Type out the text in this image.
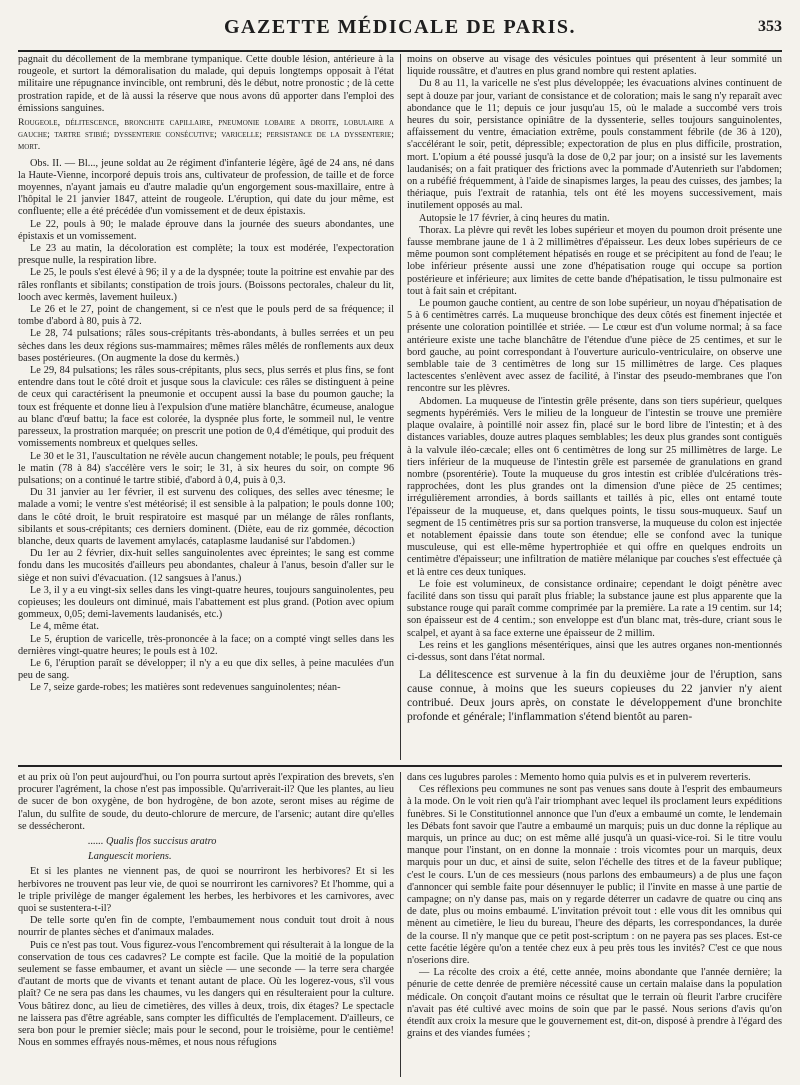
GAZETTE MÉDICALE DE PARIS.	353

pagnait du décollement de la membrane tympanique. Cette double lésion, antérieure à la rougeole, et surtort la démoralisation du malade, qui depuis longtemps opposait à l'état militaire une répugnance invincible, ont rembruni, dès le début, notre pronostic ; de là cette prostration rapide, et de là aussi la réserve que nous avons dû apporter dans l'emploi des émissions sanguines.

Rougeole, délitescence, bronchite capillaire, pneumonie lobaire a droite, lobulaire a gauche; tartre stibié; dyssenterie consécutive; varicelle; persistance de la dyssenterie; mort.

Obs. II. — Bl..., jeune soldat au 2e régiment d'infanterie légère, âgé de 24 ans, né dans la Haute-Vienne, incorporé depuis trois ans, cultivateur de profession, de taille et de force moyennes, n'ayant jamais eu d'autre maladie qu'un engorgement sous-maxillaire, entre à l'hôpital le 21 janvier 1847, atteint de rougeole. L'éruption, qui date du jour même, est confluente; elle a été précédée d'un vomissement et de deux épistaxis.

Le 22, pouls à 90; le malade éprouve dans la journée des sueurs abondantes, une épistaxis et un vomissement.

Le 23 au matin, la décoloration est complète; la toux est modérée, l'expectoration presque nulle, la respiration libre.

Le 25, le pouls s'est élevé à 96; il y a de la dyspnée; toute la poitrine est envahie par des râles ronflants et sibilants; constipation de trois jours. (Boissons pectorales, chaleur du lit, looch avec kermès, lavement huileux.)

Le 26 et le 27, point de changement, si ce n'est que le pouls perd de sa fréquence; il tombe d'abord à 80, puis à 72.

Le 28, 74 pulsations; râles sous-crépitants très-abondants, à bulles serrées et un peu sèches dans les deux régions sus-mammaires; mêmes râles mêlés de ronflements aux deux bases postérieures. (On augmente la dose du kermès.)

Le 29, 84 pulsations; les râles sous-crépitants, plus secs, plus serrés et plus fins, se font entendre dans tout le côté droit et jusque sous la clavicule: ces râles se distinguent à peine de ceux qui caractérisent la pneumonie et occupent aussi la base du poumon gauche; la toux est fréquente et donne lieu à l'expulsion d'une matière blanchâtre, écumeuse, analogue au blanc d'œuf battu; la face est colorée, la dyspnée plus forte, le sommeil nul, le ventre paresseux, la prostration marquée; on prescrit une potion de 0,4 d'émétique, qui produit des vomissements nombreux et quelques selles.

Le 30 et le 31, l'auscultation ne révèle aucun changement notable; le pouls, peu fréquent le matin (78 à 84) s'accélère vers le soir; le 31, à six heures du soir, on compte 96 pulsations; on a continué le tartre stibié, d'abord à 0,4, puis à 0,3.

Du 31 janvier au 1er février, il est survenu des coliques, des selles avec ténesme; le malade a vomi; le ventre s'est météorisé; il est sensible à la palpation; le pouls donne 100; dans le côté droit, le bruit respiratoire est masqué par un mélange de râles ronflants, sibilants et sous-crépitants; ces derniers dominent. (Diète, eau de riz gommée, décoction blanche, deux quarts de lavement amylacés, cataplasme laudanisé sur l'abdomen.)

Du 1er au 2 février, dix-huit selles sanguinolentes avec épreintes; le sang est comme fondu dans les mucosités d'ailleurs peu abondantes, chaleur à l'anus, besoin d'aller sur le siège et non suivi d'évacuation. (12 sangsues à l'anus.)

Le 3, il y a eu vingt-six selles dans les vingt-quatre heures, toujours sanguinolentes, peu copieuses; les douleurs ont diminué, mais l'abattement est plus grand. (Potion avec opium gommeux, 0,05; demi-lavements laudanisés, etc.)

Le 4, même état.

Le 5, éruption de varicelle, très-prononcée à la face; on a compté vingt selles dans les dernières vingt-quatre heures; le pouls est à 102.

Le 6, l'éruption paraît se développer; il n'y a eu que dix selles, à peine maculées d'un peu de sang.

Le 7, seize garde-robes; les matières sont redevenues sanguinolentes; néan-

moins on observe au visage des vésicules pointues qui présentent à leur sommité un liquide roussâtre, et d'autres en plus grand nombre qui restent aplaties.

Du 8 au 11, la varicelle ne s'est plus développée; les évacuations alvines continuent de sept à douze par jour, variant de consistance et de coloration; mais le sang n'y reparaît avec abondance que le 11; depuis ce jour jusqu'au 15, où le malade a succombé vers trois heures du soir, persistance opiniâtre de la dyssenterie, selles toujours sanguinolentes, affaissement du ventre, émaciation extrême, pouls constamment fébrile (de 36 à 120), s'accélérant le soir, petit, dépressible; expectoration de plus en plus difficile, prostration, mort. L'opium a été poussé jusqu'à la dose de 0,2 par jour; on a insisté sur les lavements laudanisés; on a fait pratiquer des frictions avec la pommade d'Autenrieth sur l'abdomen; on a rubéfié fréquemment, à l'aide de sinapismes larges, la peau des cuisses, des jambes; la thériaque, puis l'extrait de ratanhia, tels ont été les moyens successivement, mais inutilement opposés au mal.

Autopsie le 17 février, à cinq heures du matin.

Thorax. La plèvre qui revêt les lobes supérieur et moyen du poumon droit présente une fausse membrane jaune de 1 à 2 millimètres d'épaisseur. Les deux lobes supérieurs de ce même poumon sont complétement hépatisés en rouge et se précipitent au fond de l'eau; le lobe inférieur présente aussi une zone d'hépatisation rouge qui occupe sa portion postérieure et inférieure; aux limites de cette bande d'hépatisation, le tissu pulmonaire est tout à fait sain et crépitant.

Le poumon gauche contient, au centre de son lobe supérieur, un noyau d'hépatisation de 5 à 6 centimètres carrés. La muqueuse bronchique des deux côtés est finement injectée et présente une coloration pointillée et striée. — Le cœur est d'un volume normal; à sa face antérieure existe une tache blanchâtre de l'étendue d'une pièce de 25 centimes, et sur le bord gauche, au point correspondant à l'ouverture auriculo-ventriculaire, on observe une semblable taie de 3 centimètres de long sur 15 millimètres de large. Ces plaques lactescentes s'enlèvent avec assez de facilité, à l'instar des pseudo-membranes que l'on rencontre sur les plèvres.

Abdomen. La muqueuse de l'intestin grêle présente, dans son tiers supérieur, quelques segments hypérémiés. Vers le milieu de la longueur de l'intestin se trouve une première plaque ovalaire, à pointillé noir assez fin, placé sur le bord libre de l'intestin; et à des distances variables, douze autres plaques semblables; les deux plus grandes sont contiguës à la valvule iléo-cæcale; elles ont 6 centimètres de long sur 25 millimètres de large. Le tiers inférieur de la muqueuse de l'intestin grêle est parsemée de granulations en grand nombre (psorentérie). Toute la muqueuse du gros intestin est criblée d'ulcérations très-rapprochées, dont les plus grandes ont la dimension d'une pièce de 25 centimes; irrégulièrement arrondies, à bords saillants et taillés à pic, elles ont entamé toute l'épaisseur de la muqueuse, et, dans quelques points, le tissu sous-muqueux. Sauf un segment de 15 centimètres pris sur sa portion transverse, la muqueuse du colon est injectée et notablement épaissie dans toute son étendue; elle se confond avec la tunique musculeuse, qui est elle-même hypertrophiée et qui offre en quelques endroits un centimètre d'épaisseur; une infiltration de matière mélanique par couches s'est effectuée çà et là entre ces deux tuniques.

Le foie est volumineux, de consistance ordinaire; cependant le doigt pénètre avec facilité dans son tissu qui paraît plus friable; la substance jaune est plus apparente que la substance rouge qui paraît comme comprimée par la première. La rate a 19 centim. sur 14; son épaisseur est de 4 centim.; son enveloppe est d'un blanc mat, très-dure, criant sous le scalpel, et ayant à sa face externe une épaisseur de 2 millim.

Les reins et les ganglions mésentériques, ainsi que les autres organes non-mentionnés ci-dessus, sont dans l'état normal.

La délitescence est survenue à la fin du deuxième jour de l'éruption, sans cause connue, à moins que les sueurs copieuses du 22 janvier n'y aient contribué. Deux jours après, on constate le développement d'une bronchite profonde et générale; l'inflammation s'étend bientôt au paren-

et au prix où l'on peut aujourd'hui, ou l'on pourra surtout après l'expiration des brevets, s'en procurer l'agrément, la chose n'est pas impossible. Qu'arriverait-il? Que les plantes, au lieu de sucer de bon oxygène, de bon hydrogène, de bon azote, seront mises au régime de l'alun, du sulfite de soude, du deuto-chlorure de mercure, de l'arsenic; autant dire qu'elles se dessécheront.

...... Qualis flos succisus aratro

Languescit moriens.

Et si les plantes ne viennent pas, de quoi se nourriront les herbivores? Et si les herbivores ne trouvent pas leur vie, de quoi se nourriront les carnivores? Et l'homme, qui a le triple privilège de manger également les herbes, les herbivores et les carnivores, avec quoi se sustentera-t-il?

De telle sorte qu'en fin de compte, l'embaumement nous conduit tout droit à nous nourrir de plantes sèches et d'animaux malades.

Puis ce n'est pas tout. Vous figurez-vous l'encombrement qui résulterait à la longue de la conservation de tous ces cadavres? Le compte est facile. Que la moitié de la population seulement se fasse embaumer, et avant un siècle — une seconde — la terre sera chargée d'autant de morts que de vivants et tenant autant de place. Où les logerez-vous, s'il vous plaît? Ce ne sera pas dans les chaumes, vu les dangers qui en résulteraient pour la culture. Vous bâtirez donc, au lieu de cimetières, des villes à deux, trois, dix étages? Le spectacle ne laissera pas d'être agréable, sans compter les difficultés de l'emplacement. D'ailleurs, ce sera bon pour le premier siècle; mais pour le second, pour le troisième, pour le centième! Nous en sommes effrayés nous-mêmes, et nous nous réfugions

dans ces lugubres paroles : Memento homo quia pulvis es et in pulverem reverteris.

Ces réflexions peu communes ne sont pas venues sans doute à l'esprit des embaumeurs à la mode. On le voit rien qu'à l'air triomphant avec lequel ils proclament leurs expéditions funèbres. Si le Constitutionnel annonce que l'un d'eux a embaumé un comte, le lendemain les Débats font savoir que l'autre a embaumé un marquis; puis un duc donne la réplique au marquis, un prince au duc; on est même allé jusqu'à un quasi-vice-roi. Si le titre voulu manque pour l'instant, on en donne la monnaie : trois vicomtes pour un marquis, deux marquis pour un duc, et ainsi de suite, selon l'échelle des titres et de la faveur publique; c'est le cours. L'un de ces messieurs (nous parlons des embaumeurs) a de plus une façon d'annoncer qui semble faite pour désennuyer le public; il l'invite en masse à une partie de campagne; on n'y danse pas, mais on y regarde déterrer un cadavre de quatre ou cinq ans de date, plus ou moins embaumé. L'invitation prévoit tout : elle vous dit les omnibus qui mènent au cimetière, le lieu du bureau, l'heure des départs, les correspondances, la durée de la course. Il n'y manque que ce petit post-scriptum : on ne payera pas ses places. Est-ce cette facétie légère qu'on a tentée chez eux à peu près tous les invités? C'est ce que nous n'oserions dire.

— La récolte des croix a été, cette année, moins abondante que l'année dernière; la pénurie de cette denrée de première nécessité cause un certain malaise dans la population médicale. On conçoit d'autant moins ce résultat que le terrain où fleurit l'arbre crucifère n'avait pas été cultivé avec moins de soin que par le passé. Nous serions d'avis qu'on étendît aux croix la mesure que le gouvernement est, dit-on, disposé à prendre à l'égard des grains et des viandes fumées ;
